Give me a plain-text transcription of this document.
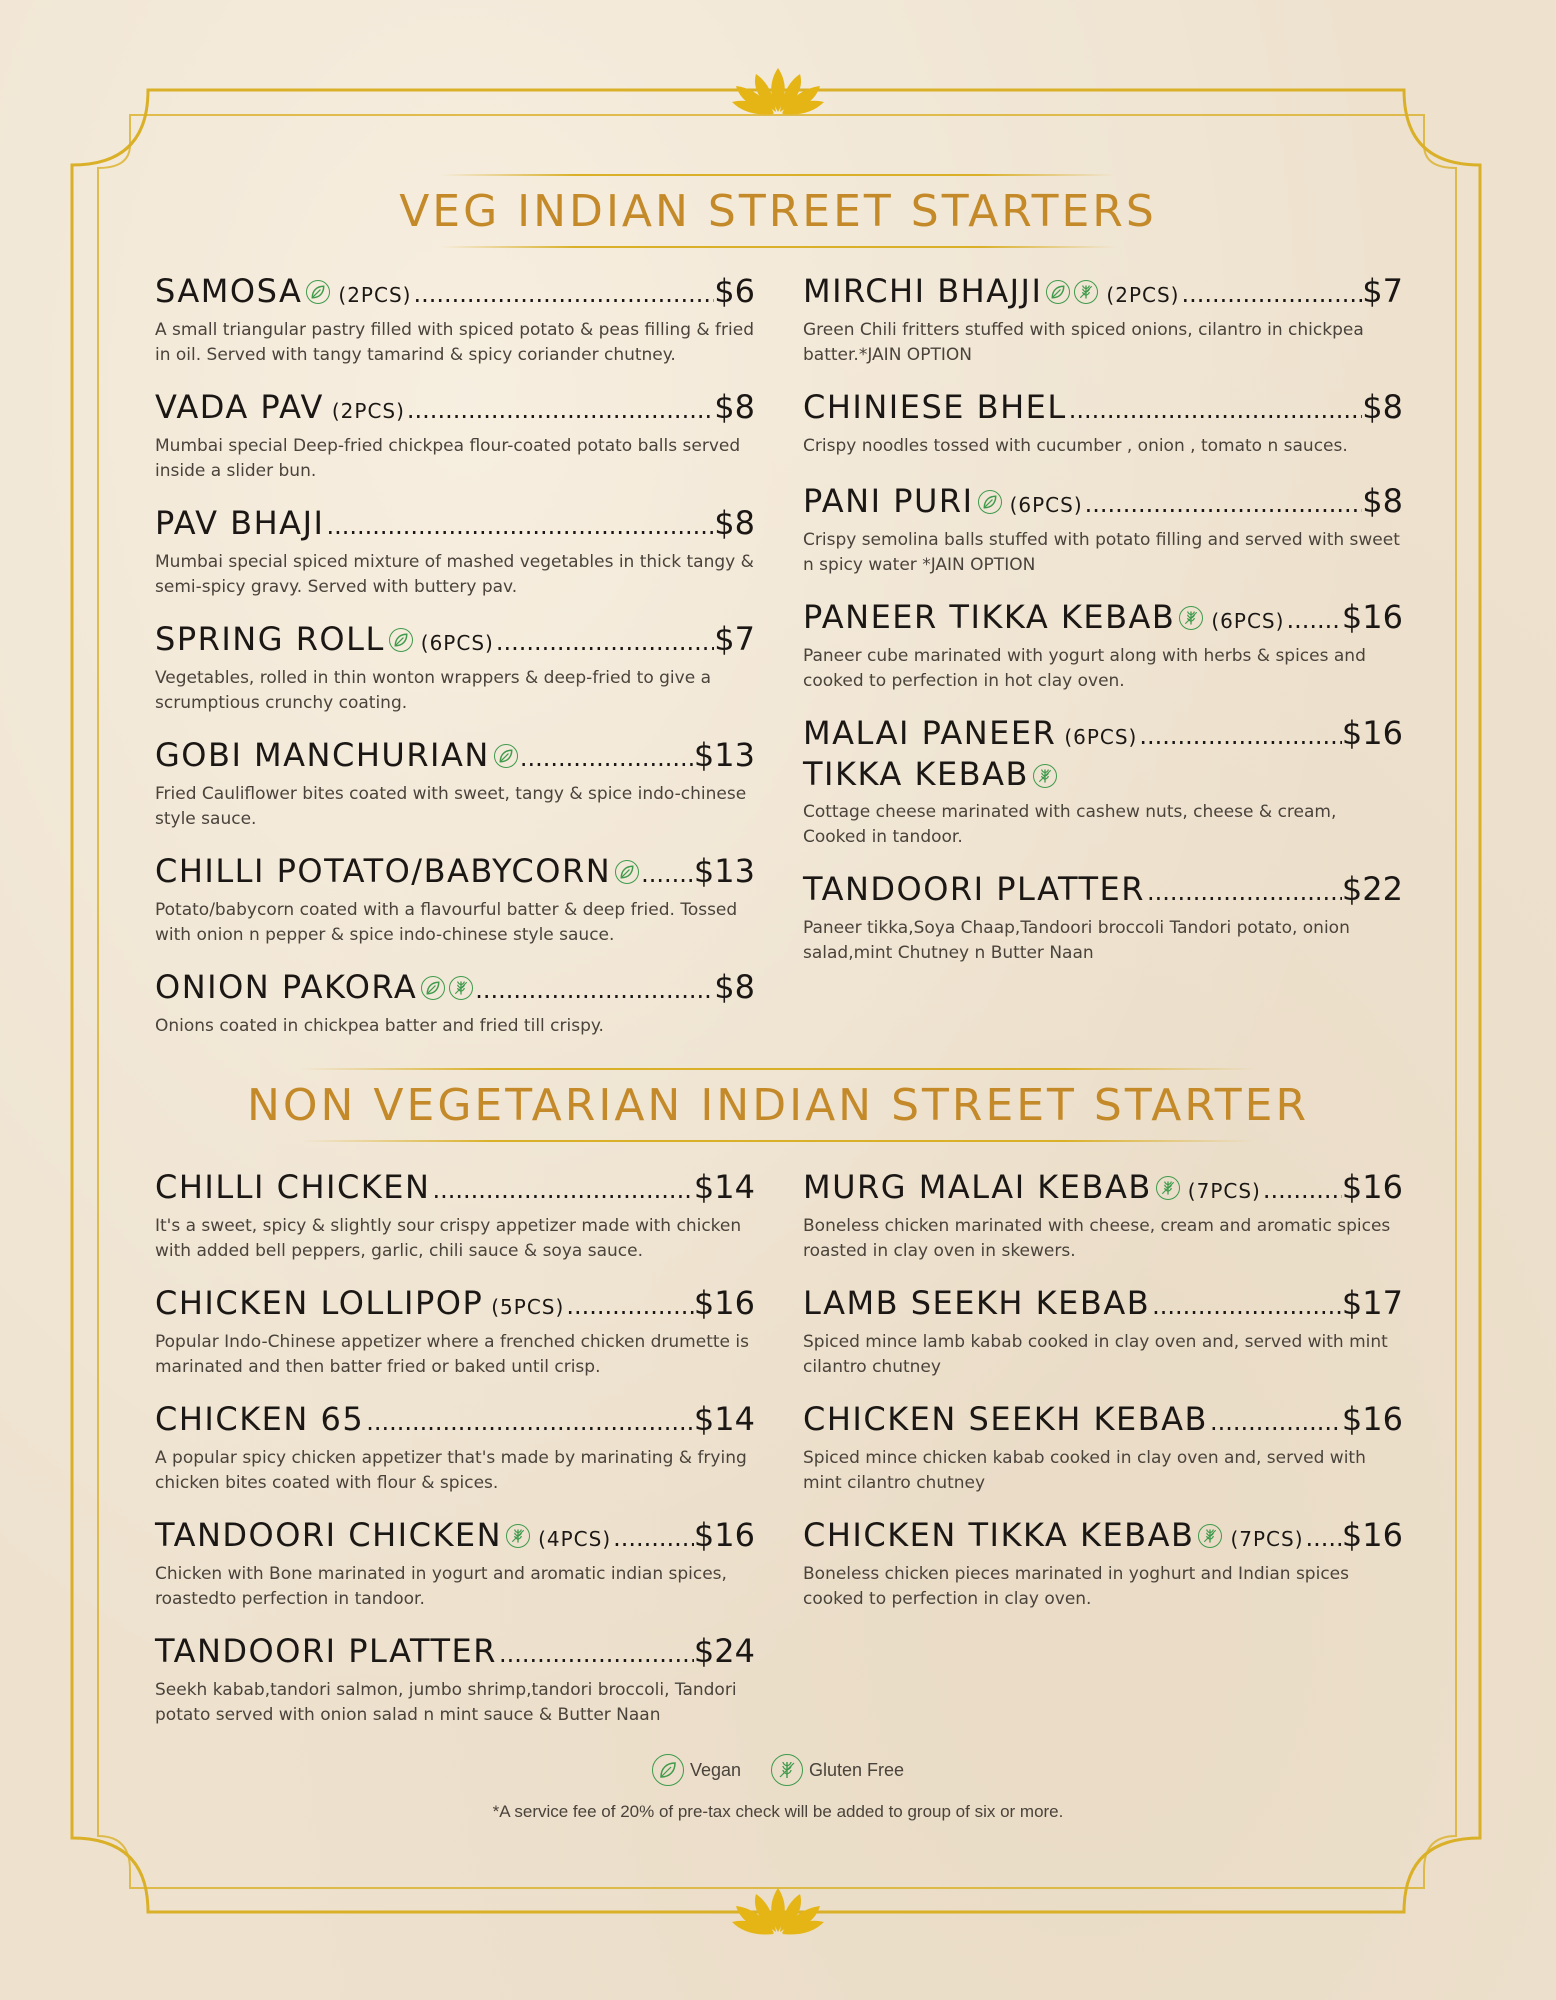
VEG INDIAN STREET STARTERS
SAMOSA (2PCS) .....	$6
A small triangular pastry filled with spiced potato & peas filling & fried in oil. Served with tangy tamarind & spicy coriander chutney.
VADA PAV (2PCS) .....	$8
Mumbai special Deep-fried chickpea flour-coated potato balls served inside a slider bun.
PAV BHAJI .....	$8
Mumbai special spiced mixture of mashed vegetables in thick tangy & semi-spicy gravy. Served with buttery pav.
SPRING ROLL (6PCS) .....	$7
Vegetables, rolled in thin wonton wrappers & deep-fried to give a scrumptious crunchy coating.
GOBI MANCHURIAN .....	$13
Fried Cauliflower bites coated with sweet, tangy & spice indo-chinese style sauce.
CHILLI POTATO/BABYCORN .....	$13
Potato/babycorn coated with a flavourful batter & deep fried. Tossed with onion n pepper & spice indo-chinese style sauce.
ONION PAKORA .....	$8
Onions coated in chickpea batter and fried till crispy.
MIRCHI BHAJJI	(2PCS) .....	$7
Green Chili fritters stuffed with spiced onions, cilantro in chickpea batter.*JAIN OPTION
CHINIESE BHEL .....	$8
Crispy noodles tossed with cucumber , onion , tomato n sauces.
PANI PURI (6PCS) .....	$8
Crispy semolina balls stuffed with potato filling and served with sweet n spicy water *JAIN OPTION
PANEER TIKKA KEBAB (6PCS) ..... $16
Paneer cube marinated with yogurt along with herbs & spices and cooked to perfection in hot clay oven.
MALAI PANEER (6PCS) .....	$16
TIKKA KEBAB
Cottage cheese marinated with cashew nuts, cheese & cream, Cooked in tandoor.
TANDOORI PLATTER .....	$22
Paneer tikka,Soya Chaap,Tandoori broccoli Tandori potato, onion salad,mint Chutney n Butter Naan
NON VEGETARIAN INDIAN STREET STARTER
CHILLI CHICKEN .....	$14
It's a sweet, spicy & slightly sour crispy appetizer made with chicken with added bell peppers, garlic, chili sauce & soya sauce.
CHICKEN LOLLIPOP (5PCS) .....	$16
Popular Indo-Chinese appetizer where a frenched chicken drumette is marinated and then batter fried or baked until crisp.
CHICKEN 65 .....	$14
A popular spicy chicken appetizer that's made by marinating & frying chicken bites coated with flour & spices.
TANDOORI CHICKEN (4PCS) .....	$16
Chicken with Bone marinated in yogurt and aromatic indian spices, roastedto perfection in tandoor.
TANDOORI PLATTER .....	$24
Seekh kabab,tandori salmon, jumbo shrimp,tandori broccoli, Tandori potato served with onion salad n mint sauce & Butter Naan
MURG MALAI KEBAB (7PCS) .....	$16
Boneless chicken marinated with cheese, cream and aromatic spices roasted in clay oven in skewers.
LAMB SEEKH KEBAB .....	$17
Spiced mince lamb kabab cooked in clay oven and, served with mint cilantro chutney
CHICKEN SEEKH KEBAB .....	$16
Spiced mince chicken kabab cooked in clay oven and, served with mint cilantro chutney
CHICKEN TIKKA KEBAB (7PCS) ..... $16
Boneless chicken pieces marinated in yoghurt and Indian spices cooked to perfection in clay oven.
Vegan	Gluten Free
*A service fee of 20% of pre-tax check will be added to group of six or more.
